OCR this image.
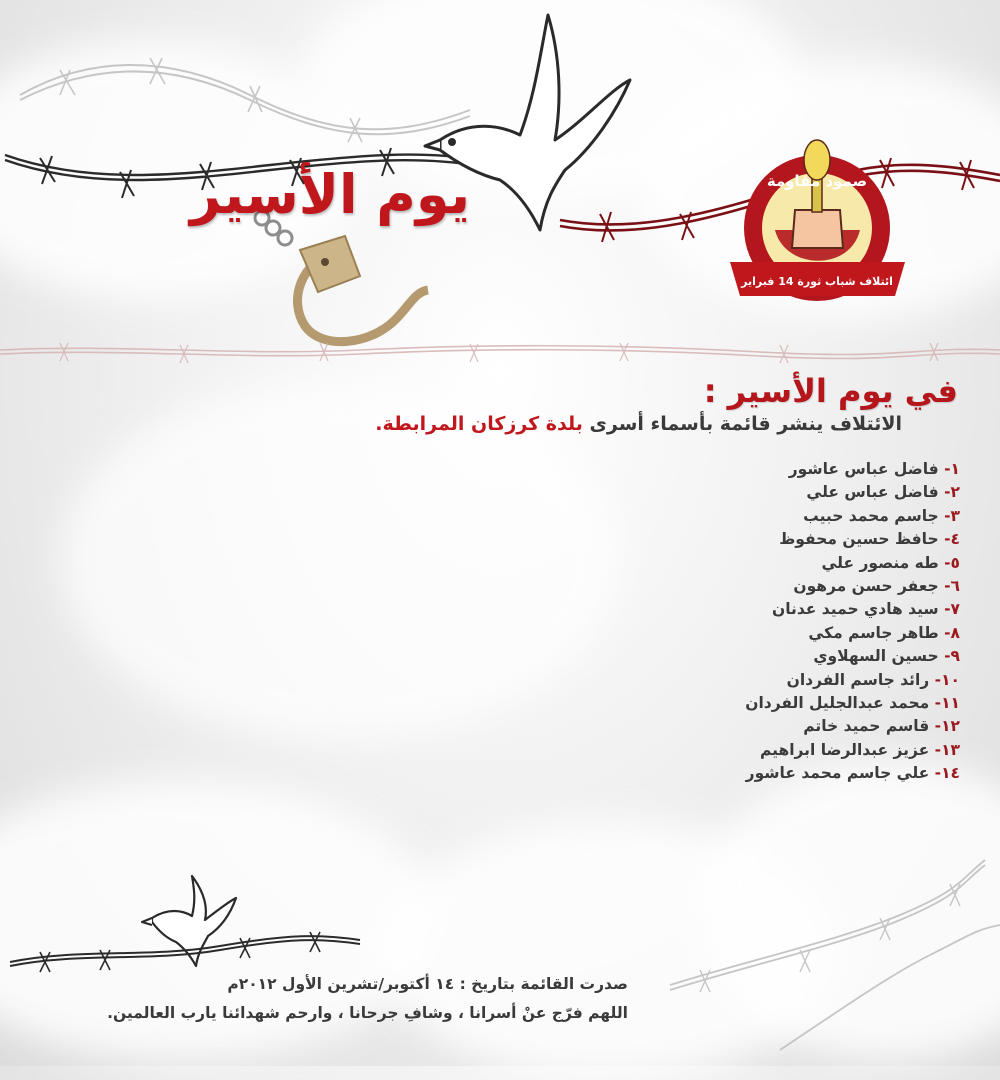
صمود مقاومة
ائتلاف شباب ثورة 14 فبراير
يوم الأسير
في يوم الأسير :
الائتلاف ينشر قائمة بأسماء أسرى بلدة كرزكان المرابطة.
١- فاضل عباس عاشور
٢- فاضل عباس علي
٣- جاسم محمد حبيب
٤- حافظ حسين محفوظ
٥- طه منصور علي
٦- جعفر حسن مرهون
٧- سيد هادي حميد عدنان
٨- طاهر جاسم مكي
٩- حسين السهلاوي
١٠- رائد جاسم الفردان
١١- محمد عبدالجليل الفردان
١٢- قاسم حميد خاتم
١٣- عزيز عبدالرضا ابراهيم
١٤- علي جاسم محمد عاشور
صدرت القائمة بتاريخ : ١٤ أكتوبر/تشرين الأول ٢٠١٢م
اللهم فرّج عنْ أسرانا ، وشافِ جرحانا ، وارحم شهدائنا يارب العالمين.
